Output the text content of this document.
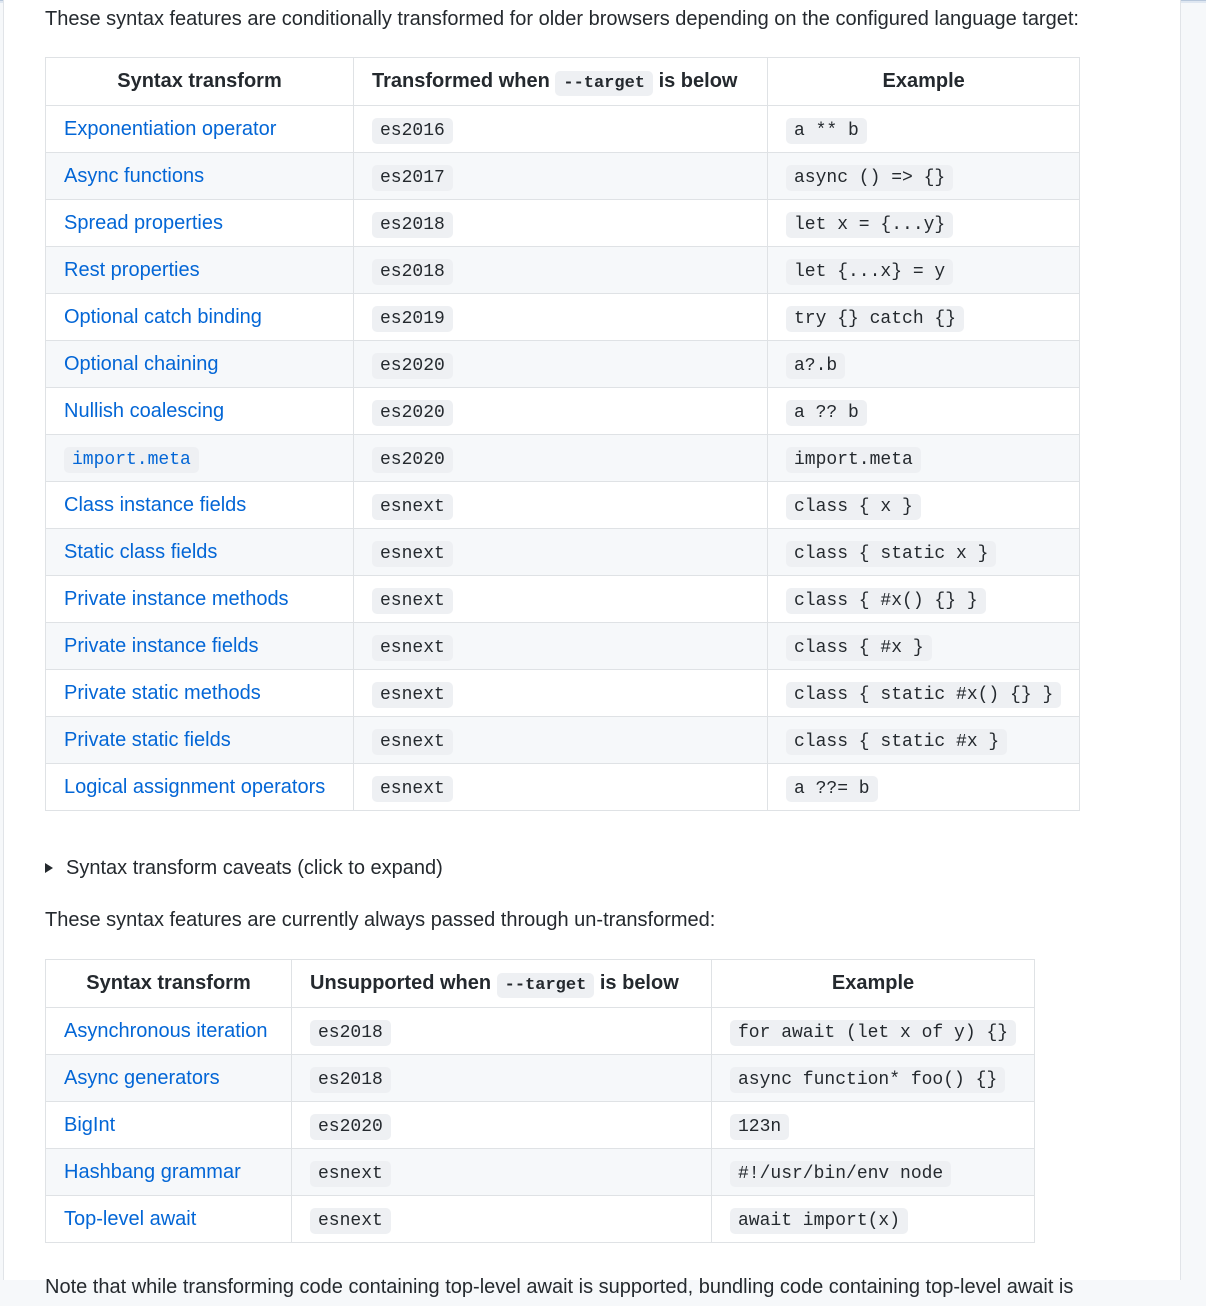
These syntax features are conditionally transformed for older browsers depending on the configured language target:

Syntax transform	Transformed when --target is below	Example
Exponentiation operator	es2016	a ** b
Async functions	es2017	async () => {}
Spread properties	es2018	let x = {...y}
Rest properties	es2018	let {...x} = y
Optional catch binding	es2019	try {} catch {}
Optional chaining	es2020	a?.b
Nullish coalescing	es2020	a ?? b
import.meta	es2020	import.meta
Class instance fields	esnext	class { x }
Static class fields	esnext	class { static x }
Private instance methods	esnext	class { #x() {} }
Private instance fields	esnext	class { #x }
Private static methods	esnext	class { static #x() {} }
Private static fields	esnext	class { static #x }
Logical assignment operators	esnext	a ??= b
Syntax transform caveats (click to expand)

These syntax features are currently always passed through un-transformed:

Syntax transform	Unsupported when --target is below	Example
Asynchronous iteration	es2018	for await (let x of y) {}
Async generators	es2018	async function* foo() {}
BigInt	es2020	123n
Hashbang grammar	esnext	#!/usr/bin/env node
Top-level await	esnext	await import(x)

Note that while transforming code containing top-level await is supported, bundling code containing top-level await is
